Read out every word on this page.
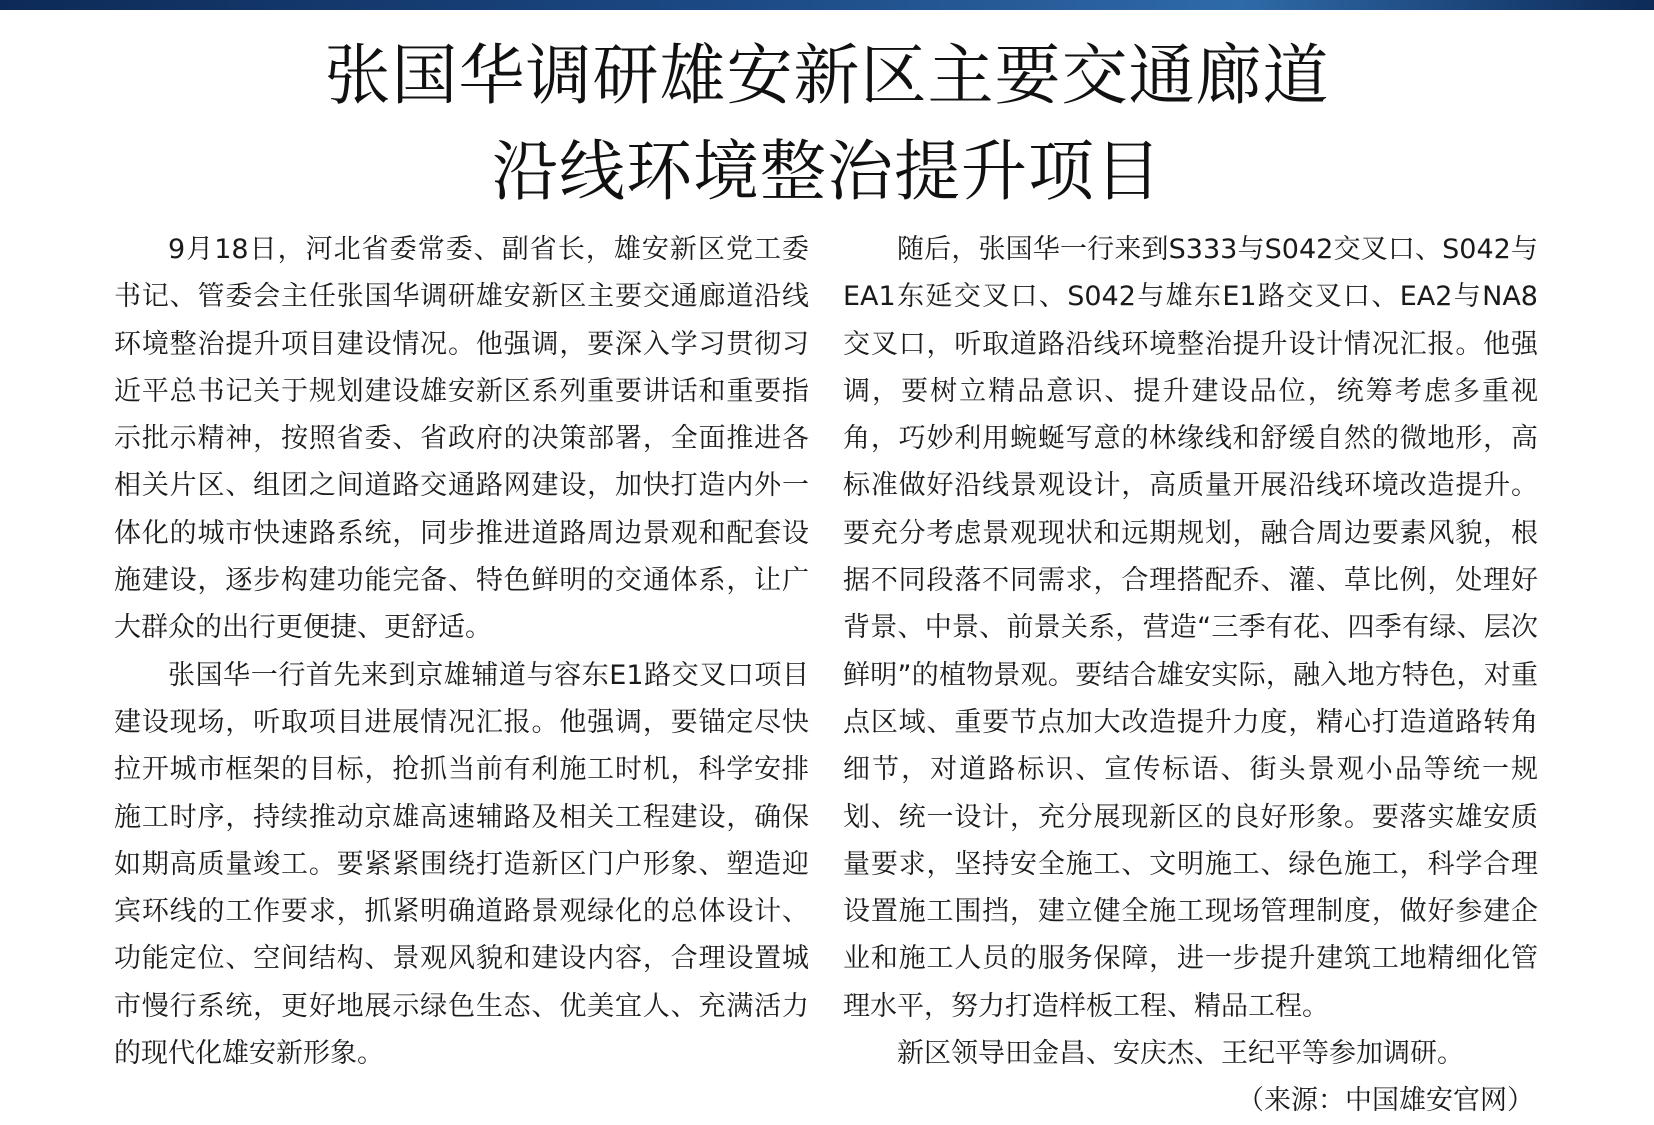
张国华调研雄安新区主要交通廊道
沿线环境整治提升项目

9月18日，河北省委常委、副省长，雄安新区党工委书记、管委会主任张国华调研雄安新区主要交通廊道沿线环境整治提升项目建设情况。他强调，要深入学习贯彻习近平总书记关于规划建设雄安新区系列重要讲话和重要指示批示精神，按照省委、省政府的决策部署，全面推进各相关片区、组团之间道路交通路网建设，加快打造内外一体化的城市快速路系统，同步推进道路周边景观和配套设施建设，逐步构建功能完备、特色鲜明的交通体系，让广大群众的出行更便捷、更舒适。

张国华一行首先来到京雄辅道与容东E1路交叉口项目建设现场，听取项目进展情况汇报。他强调，要锚定尽快拉开城市框架的目标，抢抓当前有利施工时机，科学安排施工时序，持续推动京雄高速辅路及相关工程建设，确保如期高质量竣工。要紧紧围绕打造新区门户形象、塑造迎宾环线的工作要求，抓紧明确道路景观绿化的总体设计、功能定位、空间结构、景观风貌和建设内容，合理设置城市慢行系统，更好地展示绿色生态、优美宜人、充满活力的现代化雄安新形象。

随后，张国华一行来到S333与S042交叉口、S042与EA1东延交叉口、S042与雄东E1路交叉口、EA2与NA8交叉口，听取道路沿线环境整治提升设计情况汇报。他强调，要树立精品意识、提升建设品位，统筹考虑多重视角，巧妙利用蜿蜒写意的林缘线和舒缓自然的微地形，高标准做好沿线景观设计，高质量开展沿线环境改造提升。要充分考虑景观现状和远期规划，融合周边要素风貌，根据不同段落不同需求，合理搭配乔、灌、草比例，处理好背景、中景、前景关系，营造“三季有花、四季有绿、层次鲜明”的植物景观。要结合雄安实际，融入地方特色，对重点区域、重要节点加大改造提升力度，精心打造道路转角细节，对道路标识、宣传标语、街头景观小品等统一规划、统一设计，充分展现新区的良好形象。要落实雄安质量要求，坚持安全施工、文明施工、绿色施工，科学合理设置施工围挡，建立健全施工现场管理制度，做好参建企业和施工人员的服务保障，进一步提升建筑工地精细化管理水平，努力打造样板工程、精品工程。

新区领导田金昌、安庆杰、王纪平等参加调研。

（来源：中国雄安官网）
